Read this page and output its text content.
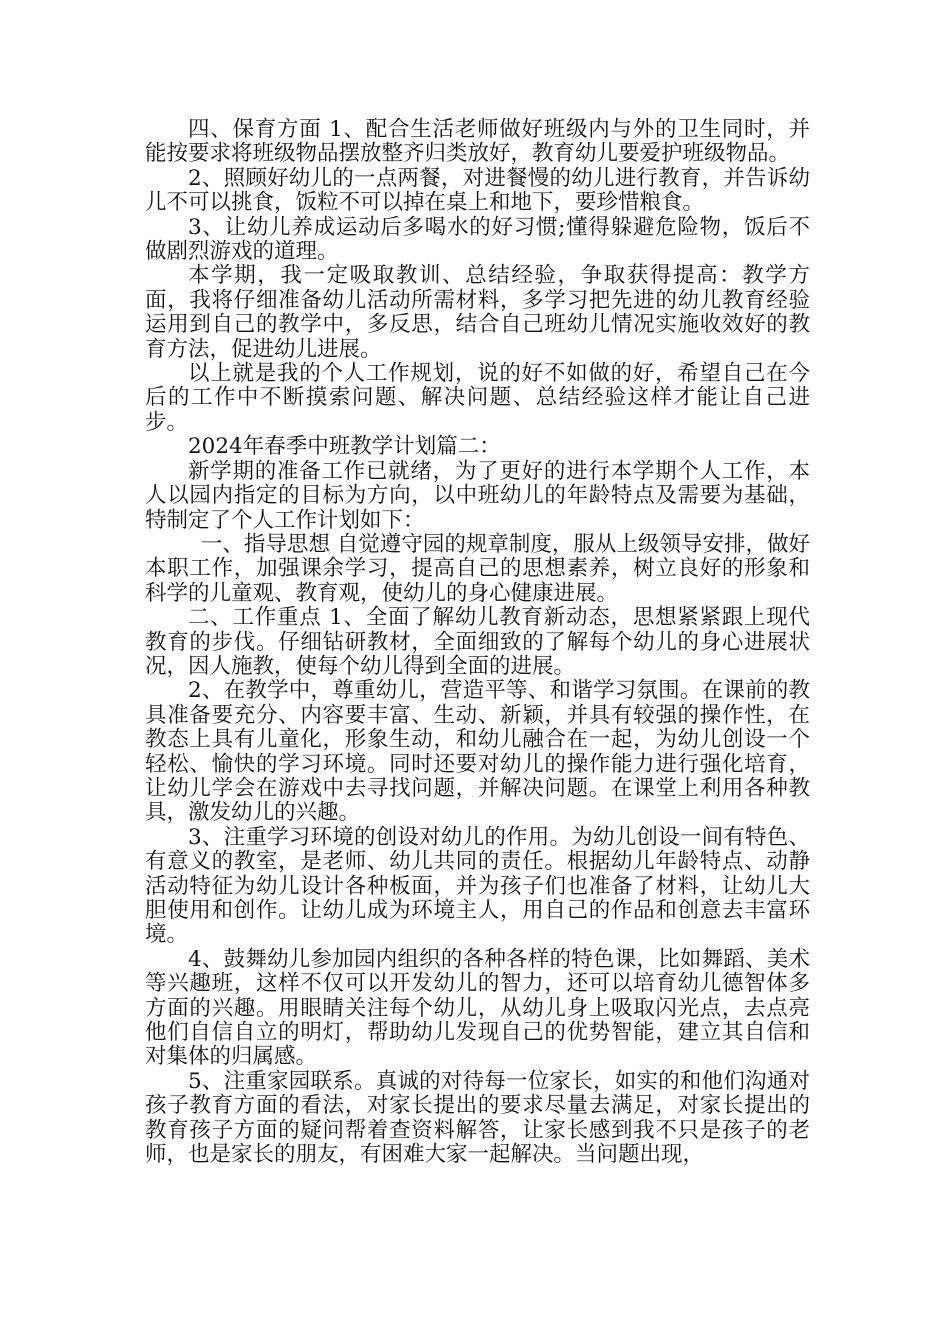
四、保育方面 1、配合生活老师做好班级内与外的卫生同时，并能按要求将班级物品摆放整齐归类放好，教育幼儿要爱护班级物品。

2、照顾好幼儿的一点两餐，对进餐慢的幼儿进行教育，并告诉幼儿不可以挑食，饭粒不可以掉在桌上和地下，要珍惜粮食。

3、让幼儿养成运动后多喝水的好习惯;懂得躲避危险物，饭后不做剧烈游戏的道理。

本学期，我一定吸取教训、总结经验，争取获得提高：教学方面，我将仔细准备幼儿活动所需材料，多学习把先进的幼儿教育经验运用到自己的教学中，多反思，结合自己班幼儿情况实施收效好的教育方法，促进幼儿进展。

以上就是我的个人工作规划，说的好不如做的好，希望自己在今后的工作中不断摸索问题、解决问题、总结经验这样才能让自己进步。

2024年春季中班教学计划篇二：

新学期的准备工作已就绪，为了更好的进行本学期个人工作，本人以园内指定的目标为方向，以中班幼儿的年龄特点及需要为基础，特制定了个人工作计划如下：

一、指导思想 自觉遵守园的规章制度，服从上级领导安排，做好本职工作，加强课余学习，提高自己的思想素养，树立良好的形象和科学的儿童观、教育观，使幼儿的身心健康进展。

二、工作重点 1、全面了解幼儿教育新动态，思想紧紧跟上现代教育的步伐。仔细钻研教材，全面细致的了解每个幼儿的身心进展状况，因人施教，使每个幼儿得到全面的进展。

2、在教学中，尊重幼儿，营造平等、和谐学习氛围。在课前的教具准备要充分、内容要丰富、生动、新颖，并具有较强的操作性，在教态上具有儿童化，形象生动，和幼儿融合在一起，为幼儿创设一个轻松、愉快的学习环境。同时还要对幼儿的操作能力进行强化培育，让幼儿学会在游戏中去寻找问题，并解决问题。在课堂上利用各种教具，激发幼儿的兴趣。

3、注重学习环境的创设对幼儿的作用。为幼儿创设一间有特色、有意义的教室，是老师、幼儿共同的责任。根据幼儿年龄特点、动静活动特征为幼儿设计各种板面，并为孩子们也准备了材料，让幼儿大胆使用和创作。让幼儿成为环境主人，用自己的作品和创意去丰富环境。

4、鼓舞幼儿参加园内组织的各种各样的特色课，比如舞蹈、美术等兴趣班，这样不仅可以开发幼儿的智力，还可以培育幼儿德智体多方面的兴趣。用眼睛关注每个幼儿，从幼儿身上吸取闪光点，去点亮他们自信自立的明灯，帮助幼儿发现自己的优势智能，建立其自信和对集体的归属感。

5、注重家园联系。真诚的对待每一位家长，如实的和他们沟通对孩子教育方面的看法，对家长提出的要求尽量去满足，对家长提出的教育孩子方面的疑问帮着查资料解答，让家长感到我不只是孩子的老师，也是家长的朋友，有困难大家一起解决。当问题出现，
